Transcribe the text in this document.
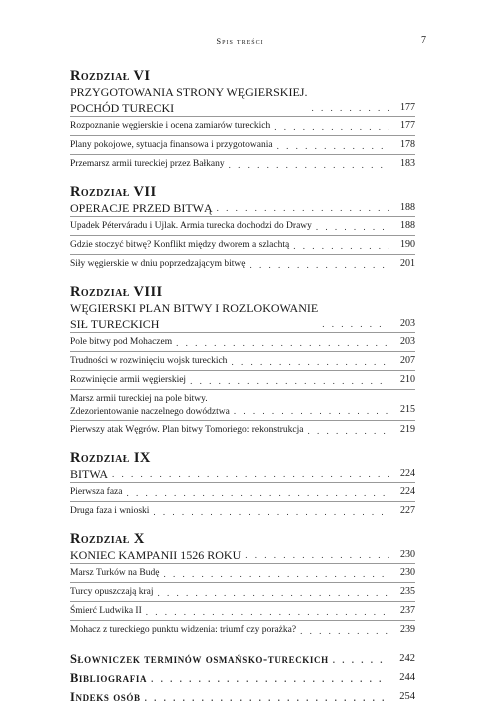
Spis treści	7
Rozdział VI
PRZYGOTOWANIA STRONY WĘGIERSKIEJ.
POCHÓD TURECKI . . .	177
Rozpoznanie węgierskie i ocena zamiarów tureckich . . .	177
Plany pokojowe, sytuacja finansowa i przygotowania . . .	178
Przemarsz armii tureckiej przez Bałkany . . .	183
Rozdział VII
OPERACJE PRZED BITWĄ . . .	188
Upadek Péterváradu i Ujlak. Armia turecka dochodzi do Drawy . . .	188
Gdzie stoczyć bitwę? Konflikt między dworem a szlachtą . . .	190
Siły węgierskie w dniu poprzedzającym bitwę . . .	201
Rozdział VIII
WĘGIERSKI PLAN BITWY I ROZLOKOWANIE
SIŁ TURECKICH . . .	203
Pole bitwy pod Mohaczem . . .	203
Trudności w rozwinięciu wojsk tureckich . . .	207
Rozwinięcie armii węgierskiej . . .	210
Marsz armii tureckiej na pole bitwy.
Zdezorientowanie naczelnego dowództwa . . .	215
Pierwszy atak Węgrów. Plan bitwy Tomoriego: rekonstrukcja . . .	219
Rozdział IX
BITWA . . .	224
Pierwsza faza . . .	224
Druga faza i wnioski . . .	227
Rozdział X
KONIEC KAMPANII 1526 ROKU . . .	230
Marsz Turków na Budę . . .	230
Turcy opuszczają kraj . . .	235
Śmierć Ludwika II . . .	237
Mohacz z tureckiego punktu widzenia: triumf czy porażka? . . .	239
Słowniczek terminów osmańsko-tureckich . . .	242
Bibliografia . . .	244
Indeks osób . . .	254
